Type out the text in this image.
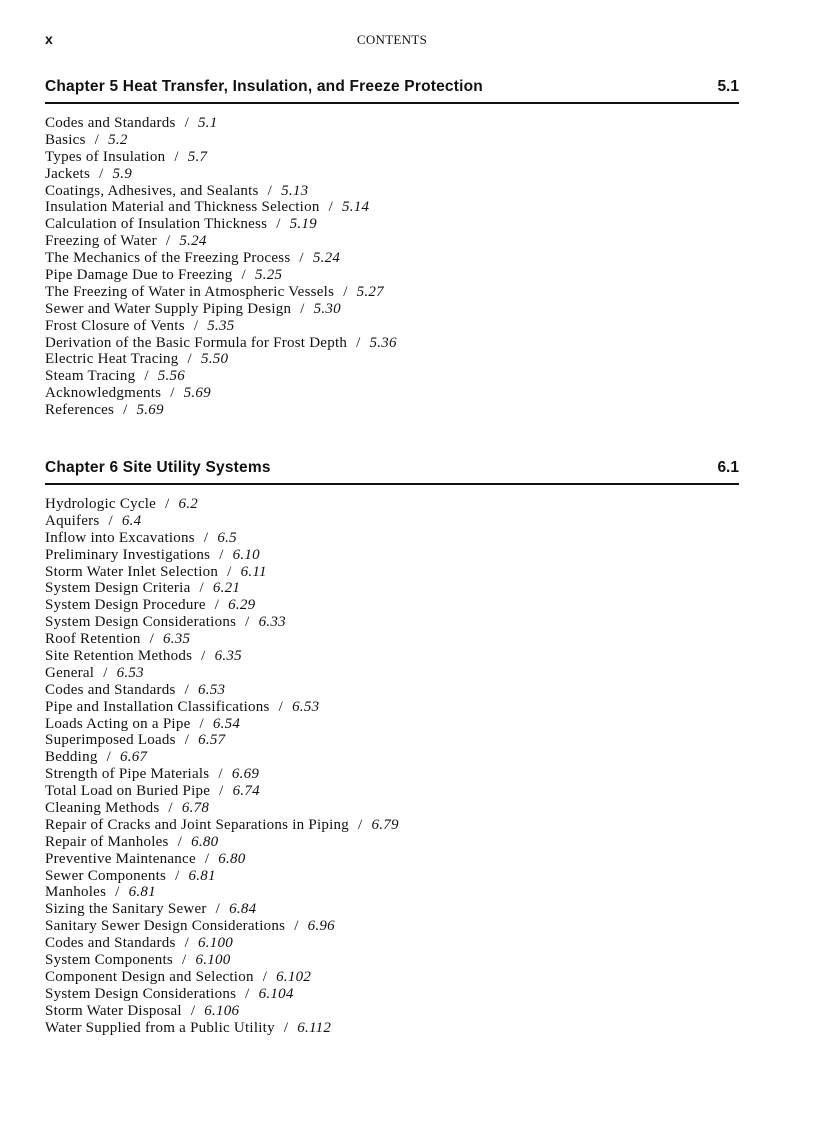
x	CONTENTS
Chapter 5 Heat Transfer, Insulation, and Freeze Protection	5.1
Codes and Standards / 5.1
Basics / 5.2
Types of Insulation / 5.7
Jackets / 5.9
Coatings, Adhesives, and Sealants / 5.13
Insulation Material and Thickness Selection / 5.14
Calculation of Insulation Thickness / 5.19
Freezing of Water / 5.24
The Mechanics of the Freezing Process / 5.24
Pipe Damage Due to Freezing / 5.25
The Freezing of Water in Atmospheric Vessels / 5.27
Sewer and Water Supply Piping Design / 5.30
Frost Closure of Vents / 5.35
Derivation of the Basic Formula for Frost Depth / 5.36
Electric Heat Tracing / 5.50
Steam Tracing / 5.56
Acknowledgments / 5.69
References / 5.69
Chapter 6 Site Utility Systems	6.1
Hydrologic Cycle / 6.2
Aquifers / 6.4
Inflow into Excavations / 6.5
Preliminary Investigations / 6.10
Storm Water Inlet Selection / 6.11
System Design Criteria / 6.21
System Design Procedure / 6.29
System Design Considerations / 6.33
Roof Retention / 6.35
Site Retention Methods / 6.35
General / 6.53
Codes and Standards / 6.53
Pipe and Installation Classifications / 6.53
Loads Acting on a Pipe / 6.54
Superimposed Loads / 6.57
Bedding / 6.67
Strength of Pipe Materials / 6.69
Total Load on Buried Pipe / 6.74
Cleaning Methods / 6.78
Repair of Cracks and Joint Separations in Piping / 6.79
Repair of Manholes / 6.80
Preventive Maintenance / 6.80
Sewer Components / 6.81
Manholes / 6.81
Sizing the Sanitary Sewer / 6.84
Sanitary Sewer Design Considerations / 6.96
Codes and Standards / 6.100
System Components / 6.100
Component Design and Selection / 6.102
System Design Considerations / 6.104
Storm Water Disposal / 6.106
Water Supplied from a Public Utility / 6.112
